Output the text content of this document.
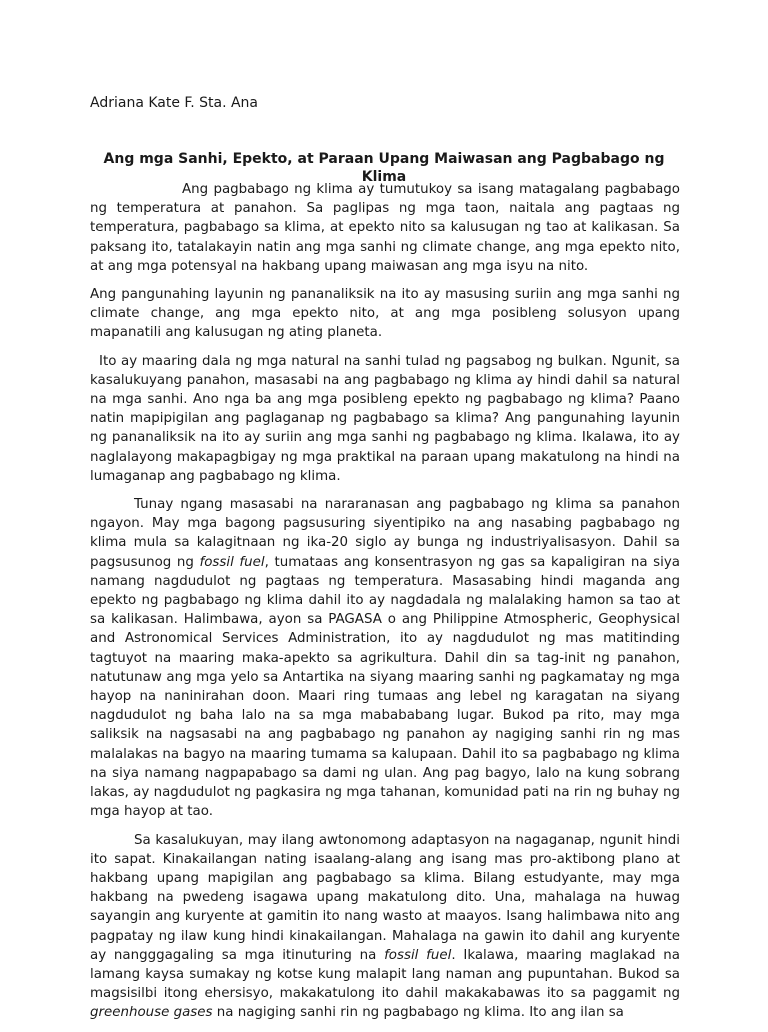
Adriana Kate F. Sta. Ana
Ang mga Sanhi, Epekto, at Paraan Upang Maiwasan ang Pagbabago ng Klima

Ang pagbabago ng klima ay tumutukoy sa isang matagalang pagbabago ng temperatura at panahon. Sa paglipas ng mga taon, naitala ang pagtaas ng temperatura, pagbabago sa klima, at epekto nito sa kalusugan ng tao at kalikasan. Sa paksang ito, tatalakayin natin ang mga sanhi ng climate change, ang mga epekto nito, at ang mga potensyal na hakbang upang maiwasan ang mga isyu na nito.

Ang pangunahing layunin ng pananaliksik na ito ay masusing suriin ang mga sanhi ng climate change, ang mga epekto nito, at ang mga posibleng solusyon upang mapanatili ang kalusugan ng ating planeta.

Ito ay maaring dala ng mga natural na sanhi tulad ng pagsabog ng bulkan. Ngunit, sa kasalukuyang panahon, masasabi na ang pagbabago ng klima ay hindi dahil sa natural na mga sanhi. Ano nga ba ang mga posibleng epekto ng pagbabago ng klima? Paano natin mapipigilan ang paglaganap ng pagbabago sa klima? Ang pangunahing layunin ng pananaliksik na ito ay suriin ang mga sanhi ng pagbabago ng klima. Ikalawa, ito ay naglalayong makapagbigay ng mga praktikal na paraan upang makatulong na hindi na lumaganap ang pagbabago ng klima.

Tunay ngang masasabi na nararanasan ang pagbabago ng klima sa panahon ngayon. May mga bagong pagsusuring siyentipiko na ang nasabing pagbabago ng klima mula sa kalagitnaan ng ika-20 siglo ay bunga ng industriyalisasyon. Dahil sa pagsusunog ng fossil fuel, tumataas ang konsentrasyon ng gas sa kapaligiran na siya namang nagdudulot ng pagtaas ng temperatura. Masasabing hindi maganda ang epekto ng pagbabago ng klima dahil ito ay nagdadala ng malalaking hamon sa tao at sa kalikasan. Halimbawa, ayon sa PAGASA o ang Philippine Atmospheric, Geophysical and Astronomical Services Administration, ito ay nagdudulot ng mas matitinding tagtuyot na maaring maka-apekto sa agrikultura. Dahil din sa tag-init ng panahon, natutunaw ang mga yelo sa Antartika na siyang maaring sanhi ng pagkamatay ng mga hayop na naninirahan doon. Maari ring tumaas ang lebel ng karagatan na siyang nagdudulot ng baha lalo na sa mga mabababang lugar. Bukod pa rito, may mga saliksik na nagsasabi na ang pagbabago ng panahon ay nagiging sanhi rin ng mas malalakas na bagyo na maaring tumama sa kalupaan. Dahil ito sa pagbabago ng klima na siya namang nagpapabago sa dami ng ulan. Ang pag bagyo, lalo na kung sobrang lakas, ay nagdudulot ng pagkasira ng mga tahanan, komunidad pati na rin ng buhay ng mga hayop at tao.

Sa kasalukuyan, may ilang awtonomong adaptasyon na nagaganap, ngunit hindi ito sapat. Kinakailangan nating isaalang-alang ang isang mas pro-aktibong plano at hakbang upang mapigilan ang pagbabago sa klima. Bilang estudyante, may mga hakbang na pwedeng isagawa upang makatulong dito. Una, mahalaga na huwag sayangin ang kuryente at gamitin ito nang wasto at maayos. Isang halimbawa nito ang pagpatay ng ilaw kung hindi kinakailangan. Mahalaga na gawin ito dahil ang kuryente ay nangggagaling sa mga itinuturing na fossil fuel. Ikalawa, maaring maglakad na lamang kaysa sumakay ng kotse kung malapit lang naman ang pupuntahan. Bukod sa magsisilbi itong ehersisyo, makakatulong ito dahil makakabawas ito sa paggamit ng greenhouse gases na nagiging sanhi rin ng pagbabago ng klima. Ito ang ilan sa
